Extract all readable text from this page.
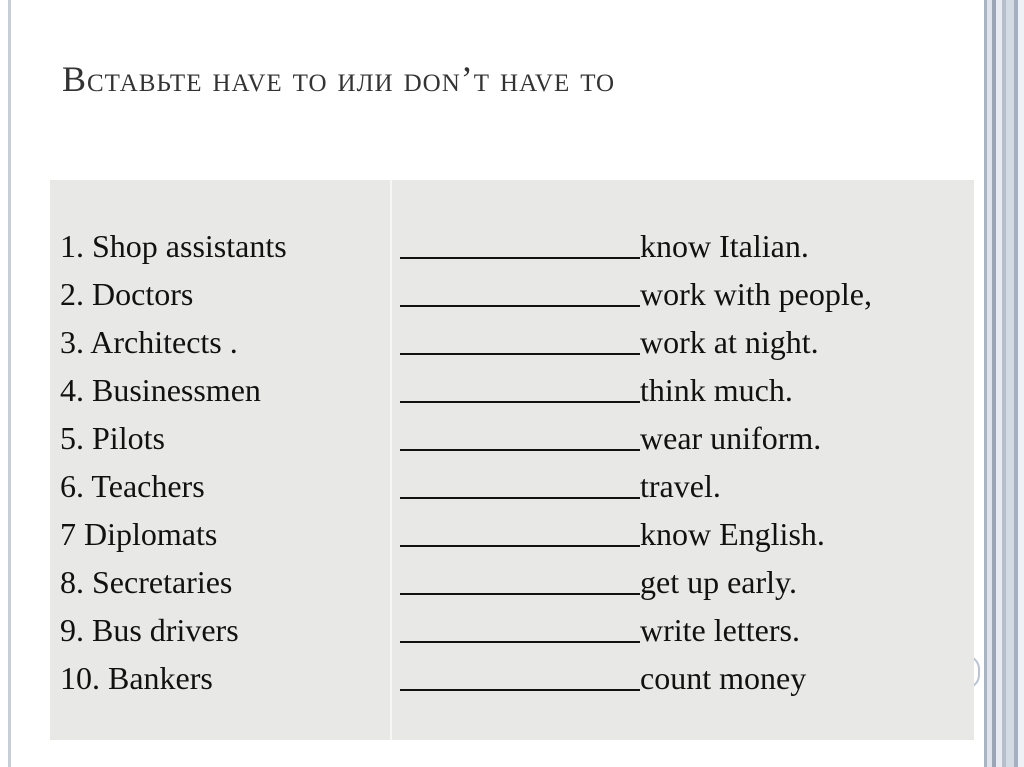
Вставьте have to или don’t have to
1. Shop assistants	know Italian.
2. Doctors	work with people,
3. Architects .	work at night.
4. Businessmen	think much.
5. Pilots	wear uniform.
6. Teachers	travel.
7 Diplomats	know English.
8. Secretaries	get up early.
9. Bus drivers	write letters.
10. Bankers	count money
